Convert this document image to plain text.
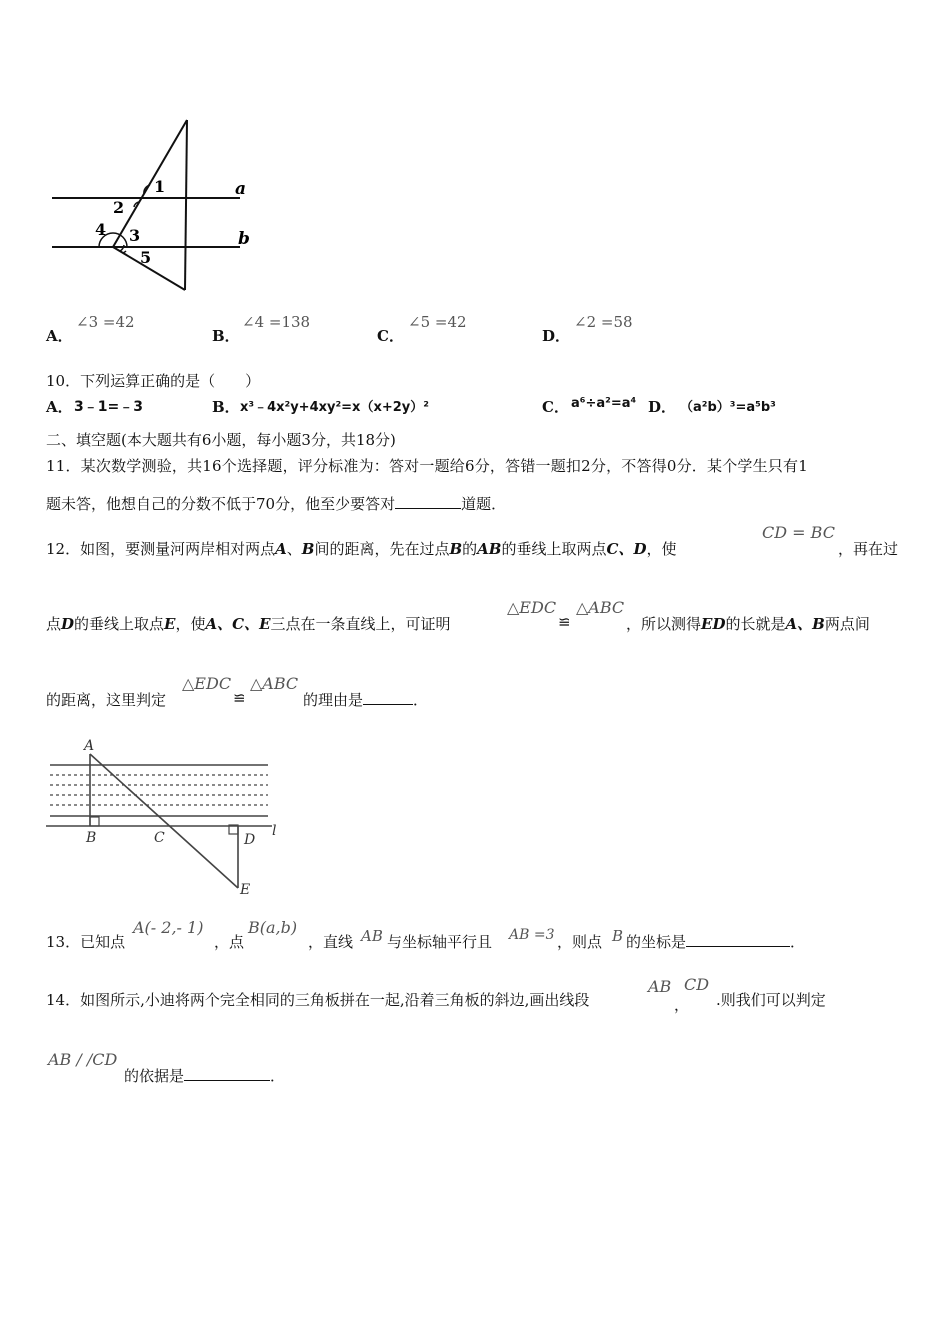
1
2
3
4
5
a
b
A．
∠3 =42
B．
∠4 =138
C．
∠5 =42
D．
∠2 =58
10．下列运算正确的是（　　）
A． 3﹣1=﹣3	B． x³﹣4x²y+4xy²=x（x+2y）²	C． a⁶÷a²=a⁴ D． （a²b）³=a⁵b³
二、填空题(本大题共有6小题，每小题3分，共18分)
11．某次数学测验，共16个选择题，评分标准为：答对一题给6分，答错一题扣2分，不答得0分．某个学生只有1
题未答，他想自己的分数不低于70分，他至少要答对	道题．
12．如图，要测量河两岸相对两点A、B间的距离，先在过点B的AB的垂线上取两点C、D，使
CD = BC
，再在过
点D的垂线上取点E，使A、C、E三点在一条直线上，可证明
△EDC
≌
△ABC
，所以测得ED的长就是A、B两点间
的距离，这里判定
△EDC
≌
△ABC
的理由是	．
A
B	C	D
l
E
13．已知点
A(- 2,- 1)
，点
B(a,b)
，直线 AB 与坐标轴平行且 AB =3 ，则点 B 的坐标是	．
14．如图所示,小迪将两个完全相同的三角板拼在一起,沿着三角板的斜边,画出线段
AB
，
CD
.则我们可以判定
AB / /CD
的依据是	．
